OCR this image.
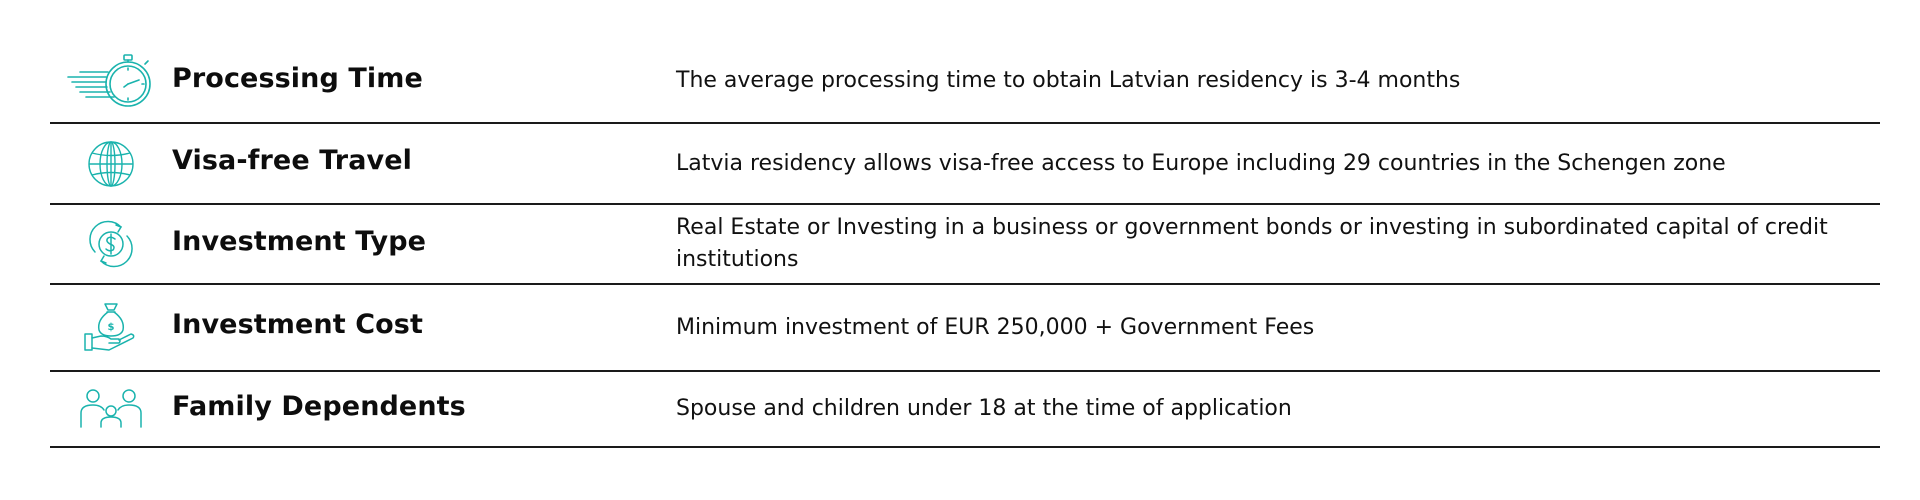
Processing Time	The average processing time to obtain Latvian residency is 3-4 months
Visa-free Travel	Latvia residency allows visa-free access to Europe including 29 countries in the Schengen zone
Investment Type	Real Estate or Investing in a business or government bonds or investing in subordinated capital of credit institutions
$ Investment Cost	Minimum investment of EUR 250,000 + Government Fees
Family Dependents	Spouse and children under 18 at the time of application
